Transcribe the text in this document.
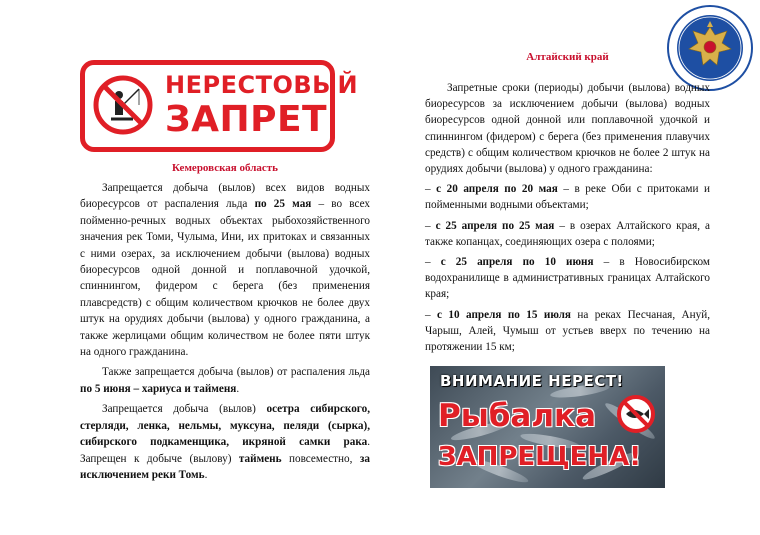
НЕРЕСТОВЫЙ
ЗАПРЕТ
Кемеровская область

Запрещается добыча (вылов) всех видов водных биоресурсов от распаления льда по 25 мая – во всех пойменно-речных водных объектах рыбохозяйственного значения рек Томи, Чулыма, Ини, их притоках и связанных с ними озерах, за исключением добычи (вылова) водных биоресурсов одной донной и поплавочной удочкой, спиннингом, фидером с берега (без применения плавсредств) с общим количеством крючков не более двух штук на орудиях добычи (вылова) у одного гражданина, а также жерлицами общим количеством не более пяти штук на одного гражданина.

Также запрещается добыча (вылов) от распаления льда по 5 июня – хариуса и тайменя.

Запрещается добыча (вылов) осетра сибирского, стерляди, ленка, нельмы, муксуна, пеляди (сырка), сибирского подкаменщика, икряной самки рака. Запрещен к добыче (вылову) таймень повсеместно, за исключением реки Томь.

Алтайский край

Запретные сроки (периоды) добычи (вылова) водных биоресурсов за исключением добычи (вылова) водных биоресурсов одной донной или поплавочной удочкой и спиннингом (фидером) с берега (без применения плавучих средств) с общим количеством крючков не более 2 штук на орудиях добычи (вылова) у одного гражданина:

– с 20 апреля по 20 мая – в реке Оби с притоками и пойменными водными объектами;

– с 25 апреля по 25 мая – в озерах Алтайского края, а также копанцах, соединяющих озера с полоями;

– с 25 апреля по 10 июня – в Новосибирском водохранилище в административных границах Алтайского края;

– с 10 апреля по 15 июля на реках Песчаная, Ануй, Чарыш, Алей, Чумыш от устьев вверх по течению на протяжении 15 км;

ВНИМАНИЕ НЕРЕСТ!
Рыбалка
ЗАПРЕЩЕНА!
